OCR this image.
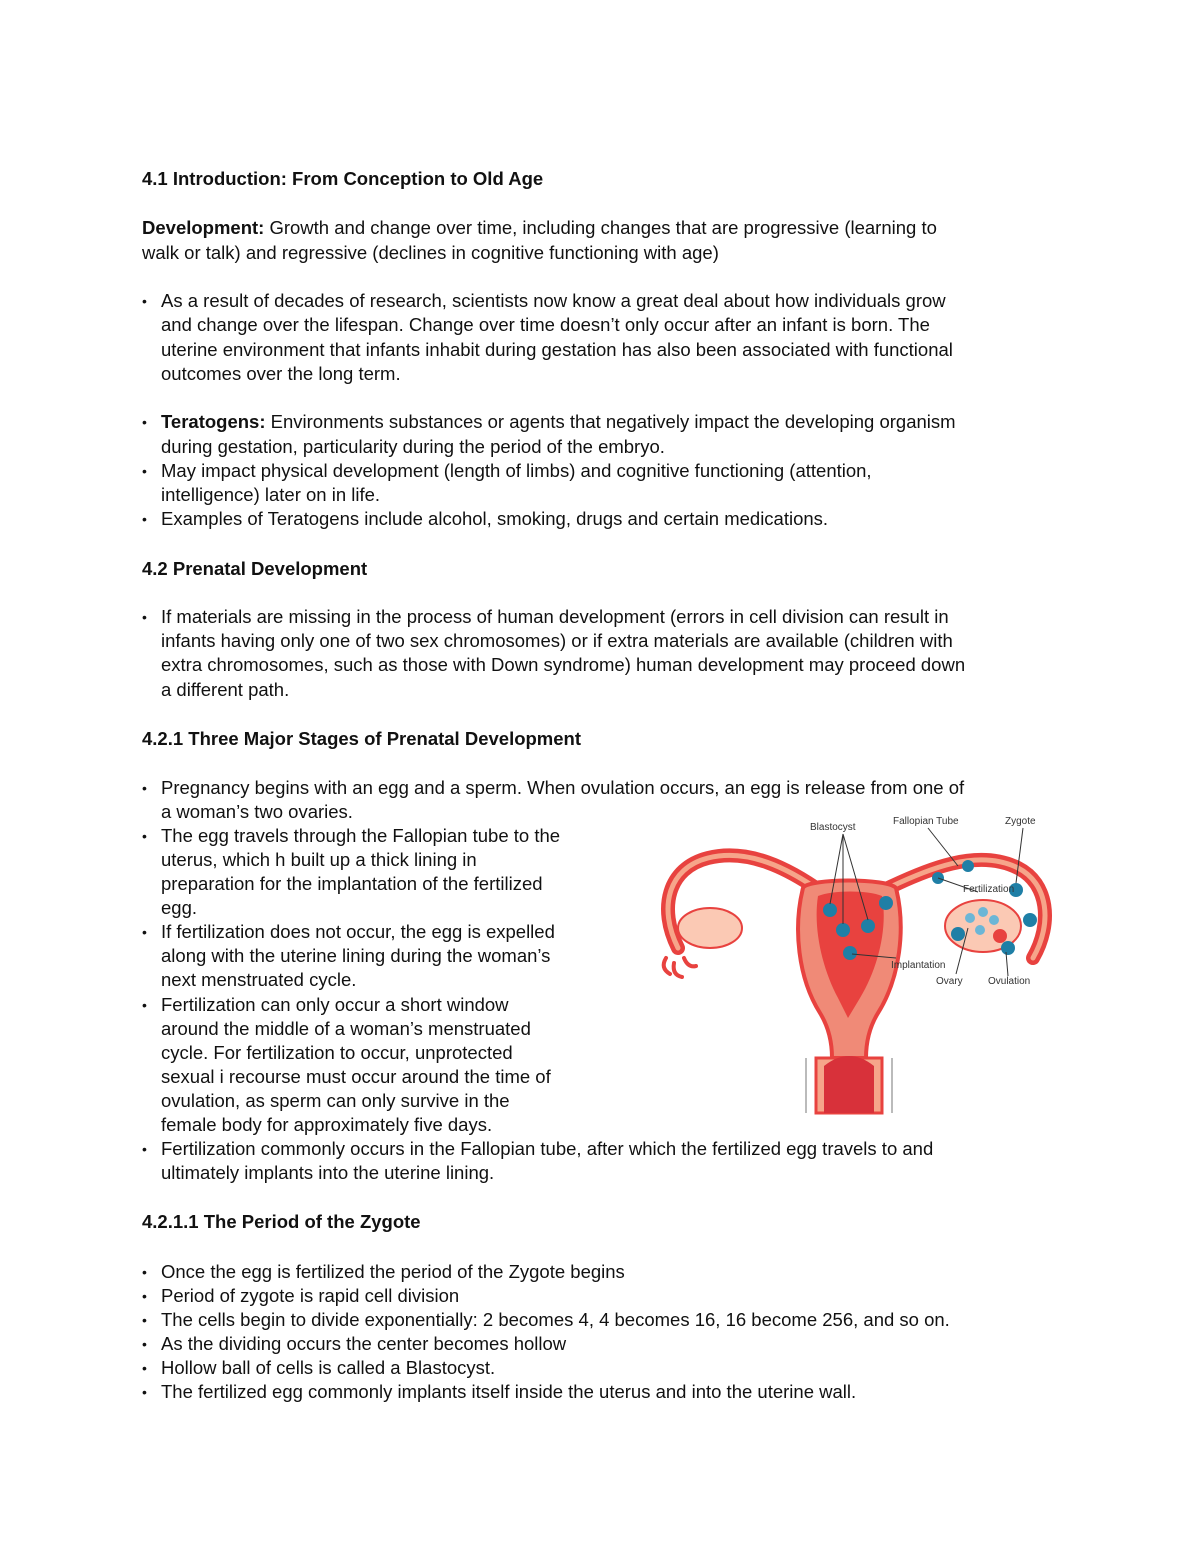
4.1 Introduction: From Conception to Old Age
Development: Growth and change over time, including changes that are progressive (learning to
walk or talk) and regressive (declines in cognitive functioning with age)
• As a result of decades of research, scientists now know a great deal about how individuals grow
and change over the lifespan. Change over time doesn’t only occur after an infant is born. The
uterine environment that infants inhabit during gestation has also been associated with functional
outcomes over the long term.
• Teratogens: Environments substances or agents that negatively impact the developing organism
during gestation, particularity during the period of the embryo.
• May impact physical development (length of limbs) and cognitive functioning (attention,
intelligence) later on in life.
• Examples of Teratogens include alcohol, smoking, drugs and certain medications.
4.2 Prenatal Development
• If materials are missing in the process of human development (errors in cell division can result in
infants having only one of two sex chromosomes) or if extra materials are available (children with
extra chromosomes, such as those with Down syndrome) human development may proceed down
a different path.
4.2.1 Three Major Stages of Prenatal Development
• Pregnancy begins with an egg and a sperm. When ovulation occurs, an egg is release from one of
a woman’s two ovaries.
• The egg travels through the Fallopian tube to the
uterus, which h built up a thick lining in
preparation for the implantation of the fertilized
egg.
• If fertilization does not occur, the egg is expelled
along with the uterine lining during the woman’s
next menstruated cycle.
• Fertilization can only occur a short window
around the middle of a woman’s menstruated
cycle. For fertilization to occur, unprotected
sexual i recourse must occur around the time of
ovulation, as sperm can only survive in the
female body for approximately five days.
• Fertilization commonly occurs in the Fallopian tube, after which the fertilized egg travels to and
ultimately implants into the uterine lining.
Blastocyst
Fallopian Tube	Zygote
Fertilization
Implantation
Ovary	Ovulation
4.2.1.1 The Period of the Zygote
• Once the egg is fertilized the period of the Zygote begins
• Period of zygote is rapid cell division
• The cells begin to divide exponentially: 2 becomes 4, 4 becomes 16, 16 become 256, and so on.
• As the dividing occurs the center becomes hollow
• Hollow ball of cells is called a Blastocyst.
• The fertilized egg commonly implants itself inside the uterus and into the uterine wall.
